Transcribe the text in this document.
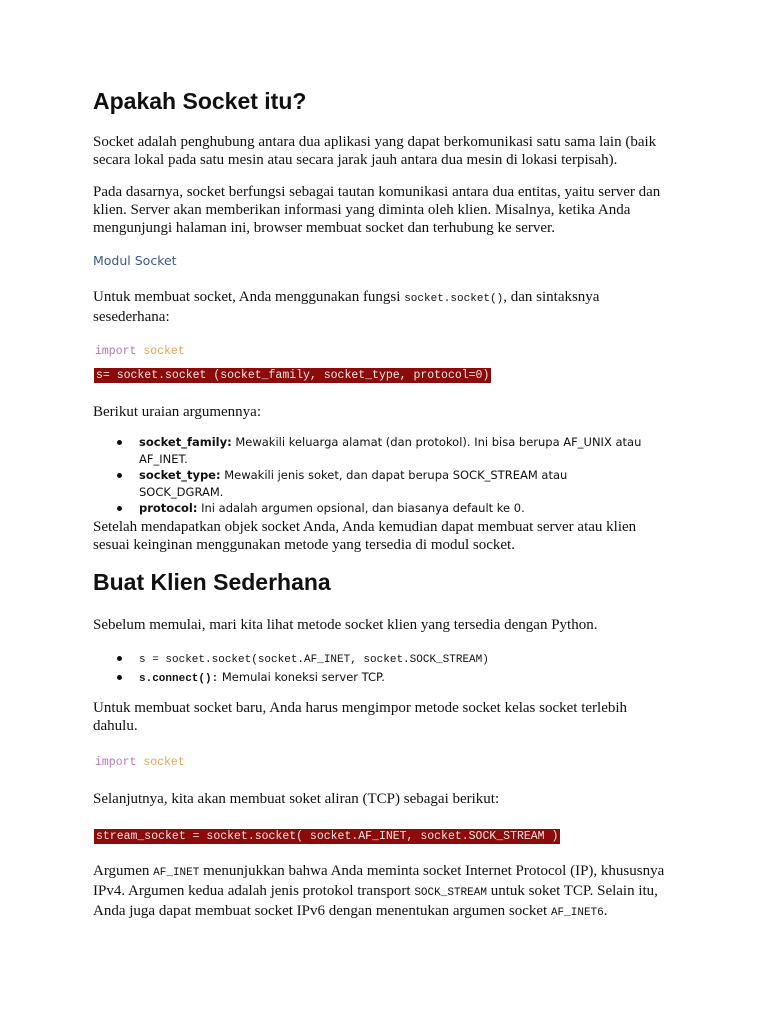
Apakah Socket itu?

Socket adalah penghubung antara dua aplikasi yang dapat berkomunikasi satu sama lain (baik secara lokal pada satu mesin atau secara jarak jauh antara dua mesin di lokasi terpisah).

Pada dasarnya, socket berfungsi sebagai tautan komunikasi antara dua entitas, yaitu server dan klien. Server akan memberikan informasi yang diminta oleh klien. Misalnya, ketika Anda mengunjungi halaman ini, browser membuat socket dan terhubung ke server.

Modul Socket

Untuk membuat socket, Anda menggunakan fungsi socket.socket(), dan sintaksnya sesederhana:

import socket
s= socket.socket (socket_family, socket_type, protocol=0)

Berikut uraian argumennya:

socket_family: Mewakili keluarga alamat (dan protokol). Ini bisa berupa AF_UNIX atau AF_INET.
socket_type: Mewakili jenis soket, dan dapat berupa SOCK_STREAM atau SOCK_DGRAM.
protocol: Ini adalah argumen opsional, dan biasanya default ke 0.

Setelah mendapatkan objek socket Anda, Anda kemudian dapat membuat server atau klien sesuai keinginan menggunakan metode yang tersedia di modul socket.

Buat Klien Sederhana

Sebelum memulai, mari kita lihat metode socket klien yang tersedia dengan Python.

s = socket.socket(socket.AF_INET, socket.SOCK_STREAM)
s.connect(): Memulai koneksi server TCP.

Untuk membuat socket baru, Anda harus mengimpor metode socket kelas socket terlebih dahulu.

import socket

Selanjutnya, kita akan membuat soket aliran (TCP) sebagai berikut:

stream_socket = socket.socket( socket.AF_INET, socket.SOCK_STREAM )

Argumen AF_INET menunjukkan bahwa Anda meminta socket Internet Protocol (IP), khususnya IPv4. Argumen kedua adalah jenis protokol transport SOCK_STREAM untuk soket TCP. Selain itu, Anda juga dapat membuat socket IPv6 dengan menentukan argumen socket AF_INET6.
